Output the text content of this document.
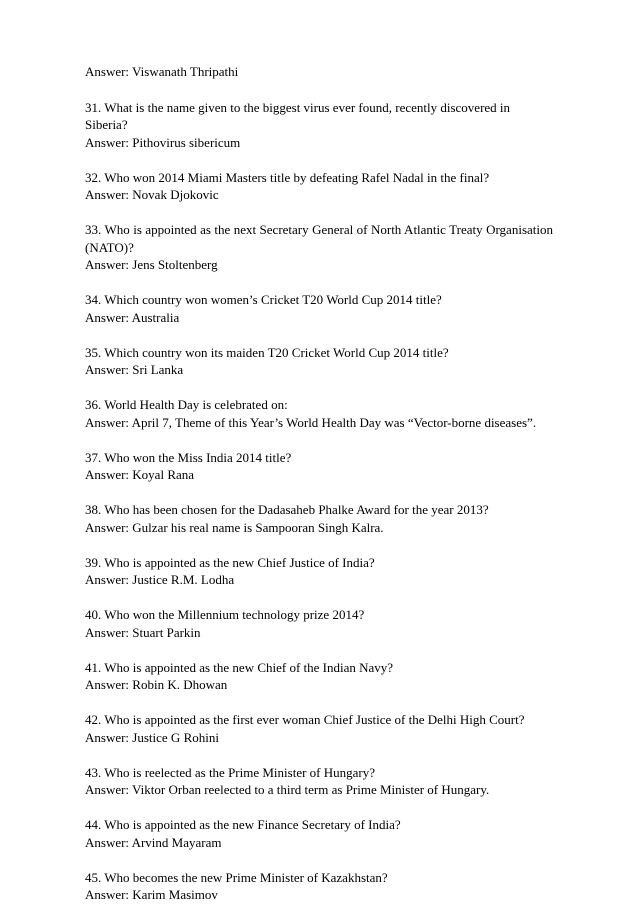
Answer: Viswanath Thripathi

31. What is the name given to the biggest virus ever found, recently discovered in Siberia?
Answer: Pithovirus sibericum
32. Who won 2014 Miami Masters title by defeating Rafel Nadal in the final?
Answer: Novak Djokovic
33. Who is appointed as the next Secretary General of North Atlantic Treaty Organisation (NATO)?
Answer: Jens Stoltenberg
34. Which country won women’s Cricket T20 World Cup 2014 title?
Answer: Australia
35. Which country won its maiden T20 Cricket World Cup 2014 title?
Answer: Sri Lanka
36. World Health Day is celebrated on:
Answer: April 7, Theme of this Year’s World Health Day was “Vector-borne diseases”.
37. Who won the Miss India 2014 title?
Answer: Koyal Rana
38. Who has been chosen for the Dadasaheb Phalke Award for the year 2013?
Answer: Gulzar his real name is Sampooran Singh Kalra.
39. Who is appointed as the new Chief Justice of India?
Answer: Justice R.M. Lodha
40. Who won the Millennium technology prize 2014?
Answer: Stuart Parkin
41. Who is appointed as the new Chief of the Indian Navy?
Answer: Robin K. Dhowan
42. Who is appointed as the first ever woman Chief Justice of the Delhi High Court?
Answer: Justice G Rohini
43. Who is reelected as the Prime Minister of Hungary?
Answer: Viktor Orban reelected to a third term as Prime Minister of Hungary.
44. Who is appointed as the new Finance Secretary of India?
Answer: Arvind Mayaram
45. Who becomes the new Prime Minister of Kazakhstan?
Answer: Karim Masimov
